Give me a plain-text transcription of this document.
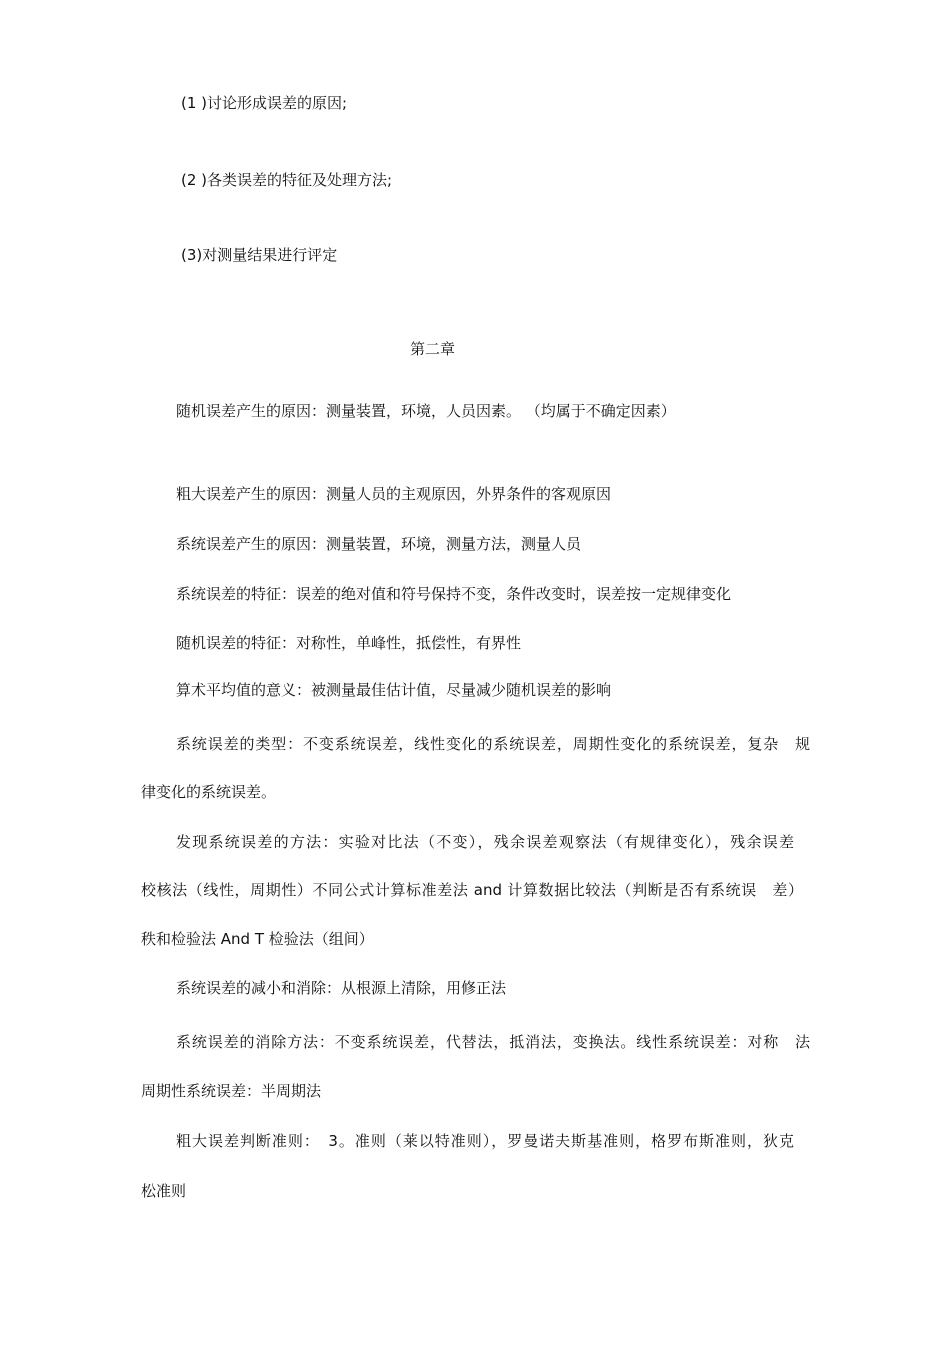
(1 )讨论形成误差的原因;
(2 )各类误差的特征及处理方法;
(3)对测量结果进行评定
第二章
随机误差产生的原因：测量装置，环境，人员因素。 （均属于不确定因素）
粗大误差产生的原因：测量人员的主观原因，外界条件的客观原因
系统误差产生的原因：测量装置，环境，测量方法，测量人员
系统误差的特征：误差的绝对值和符号保持不变，条件改变时，误差按一定规律变化
随机误差的特征：对称性，单峰性，抵偿性，有界性
算术平均值的意义：被测量最佳估计值，尽量减少随机误差的影响
系统误差的类型：不变系统误差，线性变化的系统误差，周期性变化的系统误差，复杂　规
律变化的系统误差。
发现系统误差的方法：实验对比法（不变），残余误差观察法（有规律变化），残余误差
校核法（线性，周期性）不同公式计算标准差法 and 计算数据比较法（判断是否有系统误　差）
秩和检验法 And T 检验法（组间）
系统误差的减小和消除：从根源上清除，用修正法
系统误差的消除方法：不变系统误差，代替法，抵消法，变换法。线性系统误差：对称　法
周期性系统误差：半周期法
粗大误差判断准则：　3。准则（莱以特准则），罗曼诺夫斯基准则，格罗布斯准则，狄克
松准则
